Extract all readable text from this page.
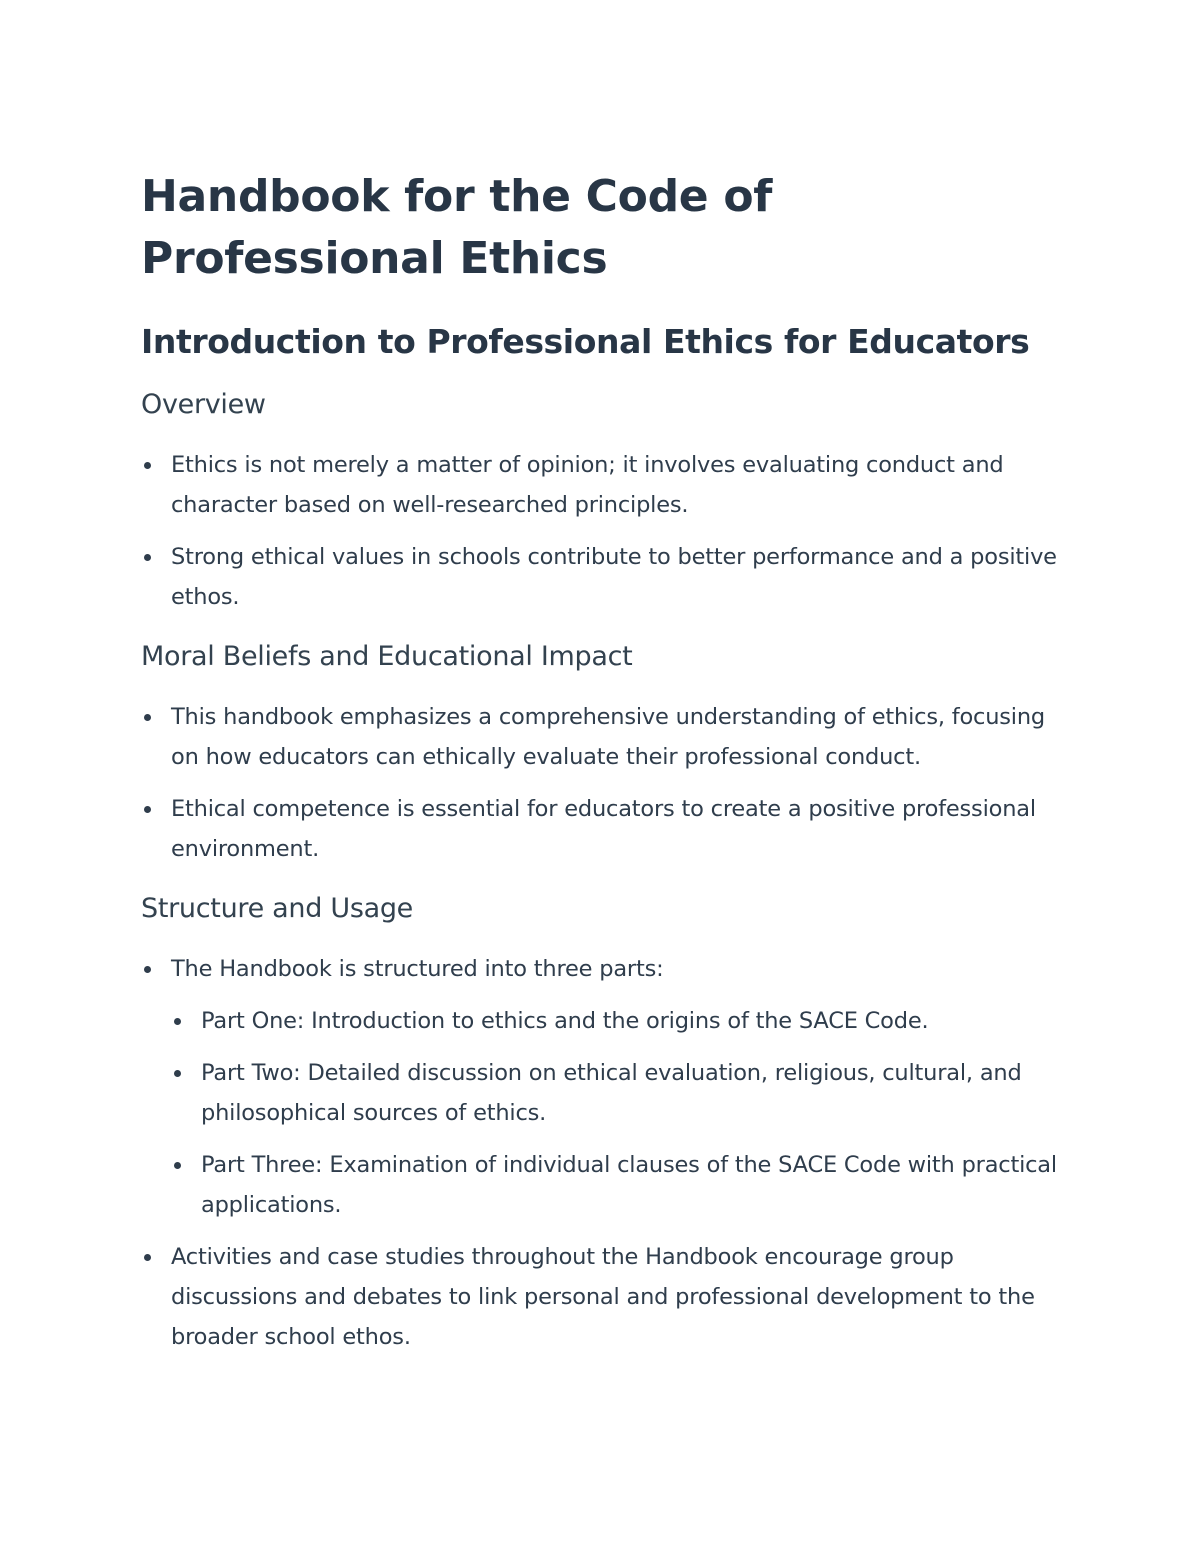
Handbook for the Code of Professional Ethics
Introduction to Professional Ethics for Educators
Overview
Ethics is not merely a matter of opinion; it involves evaluating conduct and character based on well-researched principles.
Strong ethical values in schools contribute to better performance and a positive ethos.
Moral Beliefs and Educational Impact
This handbook emphasizes a comprehensive understanding of ethics, focusing on how educators can ethically evaluate their professional conduct.
Ethical competence is essential for educators to create a positive professional environment.
Structure and Usage
The Handbook is structured into three parts:
Part One: Introduction to ethics and the origins of the SACE Code.
Part Two: Detailed discussion on ethical evaluation, religious, cultural, and philosophical sources of ethics.
Part Three: Examination of individual clauses of the SACE Code with practical applications.
Activities and case studies throughout the Handbook encourage group discussions and debates to link personal and professional development to the broader school ethos.
